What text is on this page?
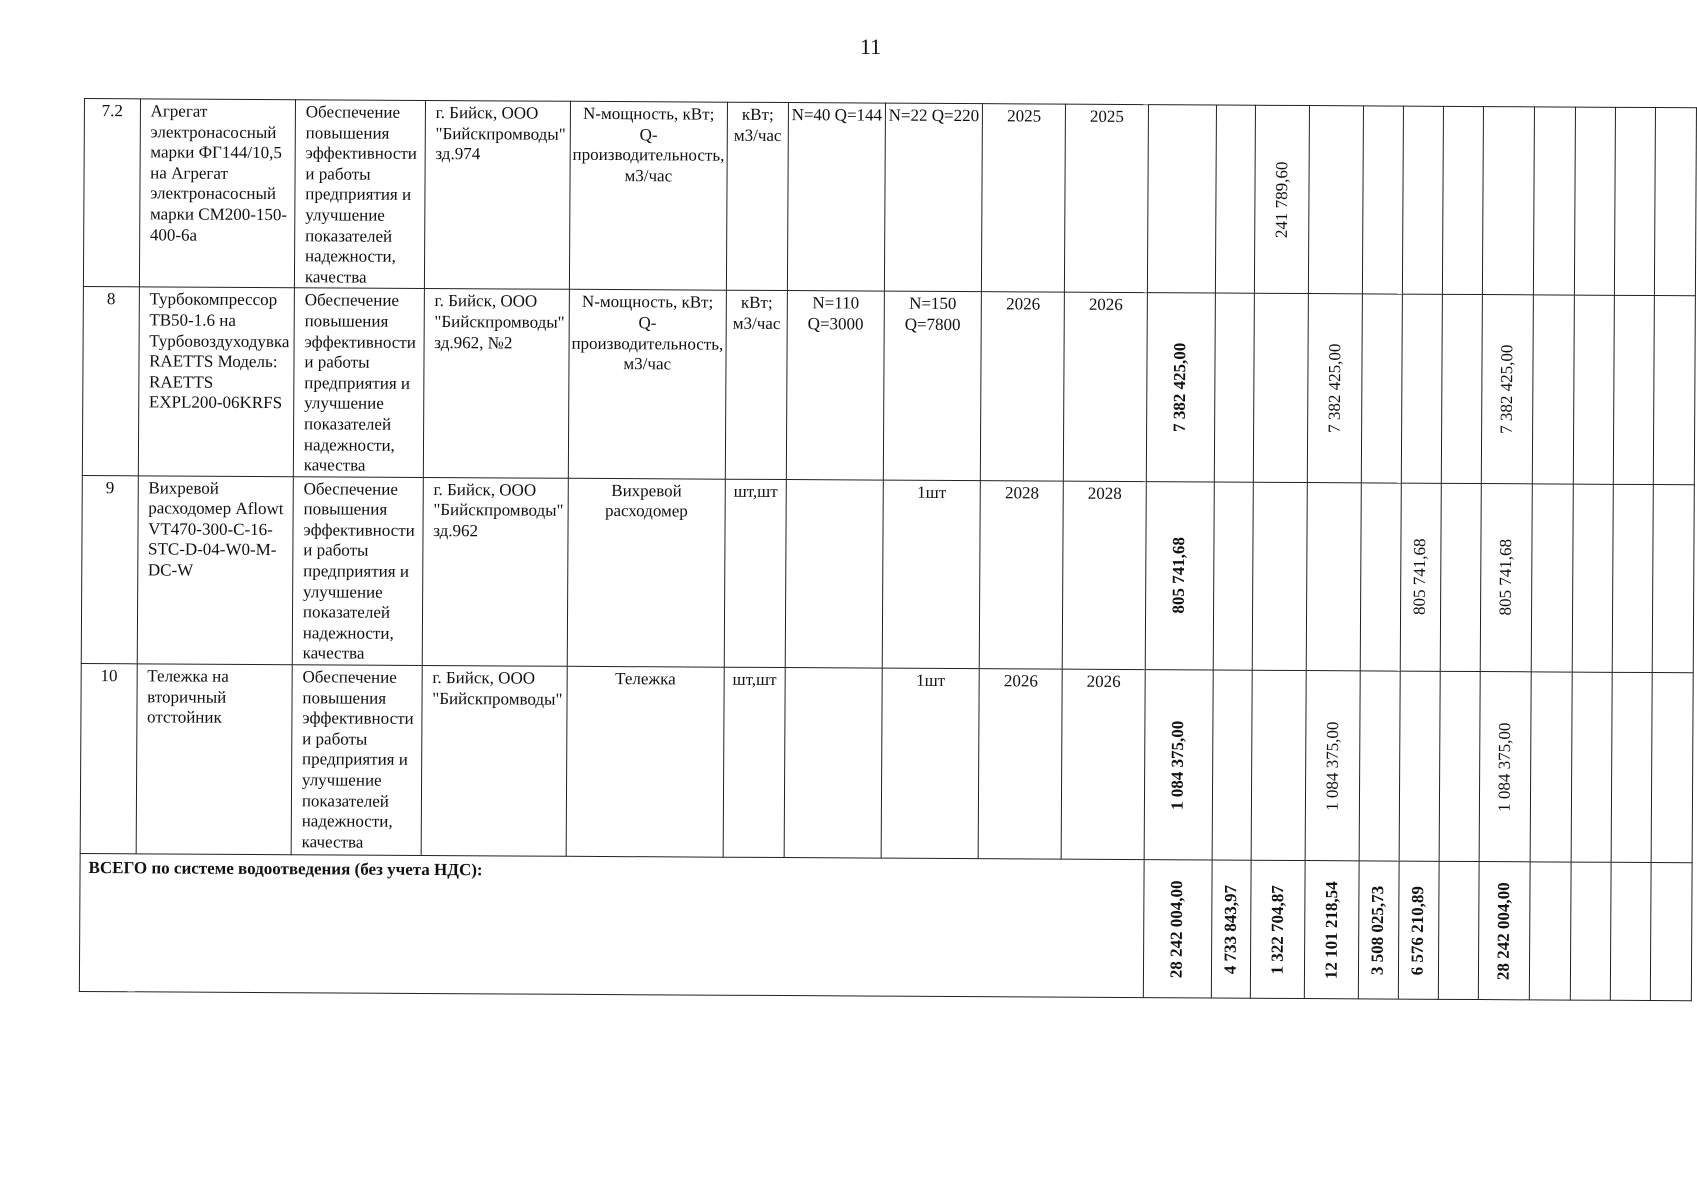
11
7.2	Агрегат электронасосный марки ФГ144/10,5 на Агрегат электронасосный марки СМ200-150-400-6а	Обеспечение повышения эффективности и работы предприятия и улучшение показателей надежности, качества	г. Бийск, ООО "Бийскпромводы" зд.974	N-мощность, кВт; Q-производительность, м3/час	кВт; м3/час	N=40 Q=144	N=22 Q=220	2025	2025			241 789,60									

8	Турбокомпрессор ТВ50-1.6 на Турбовоздуходувка RAETTS Модель: RAETTS EXPL200-06KRFS	Обеспечение повышения эффективности и работы предприятия и улучшение показателей надежности, качества	г. Бийск, ООО "Бийскпромводы" зд.962, №2	N-мощность, кВт; Q-производительность, м3/час	кВт; м3/час	N=110 Q=3000	N=150 Q=7800	2026	2026	7 382 425,00			7 382 425,00				7 382 425,00				

9	Вихревой расходомер Aflowt VT470-300-C-16-STC-D-04-W0-M-DC-W	Обеспечение повышения эффективности и работы предприятия и улучшение показателей надежности, качества	г. Бийск, ООО "Бийскпромводы" зд.962	Вихревой расходомер	шт,шт		1шт	2028	2028	805 741,68					805 741,68		805 741,68				

10	Тележка на вторичный отстойник	Обеспечение повышения эффективности и работы предприятия и улучшение показателей надежности, качества	г. Бийск, ООО "Бийскпромводы"	Тележка	шт,шт		1шт	2026	2026	1 084 375,00			1 084 375,00				1 084 375,00				

ВСЕГО по системе водоотведения (без учета НДС):										28 242 004,00	4 733 843,97	1 322 704,87	12 101 218,54	3 508 025,73	6 576 210,89		28 242 004,00				
